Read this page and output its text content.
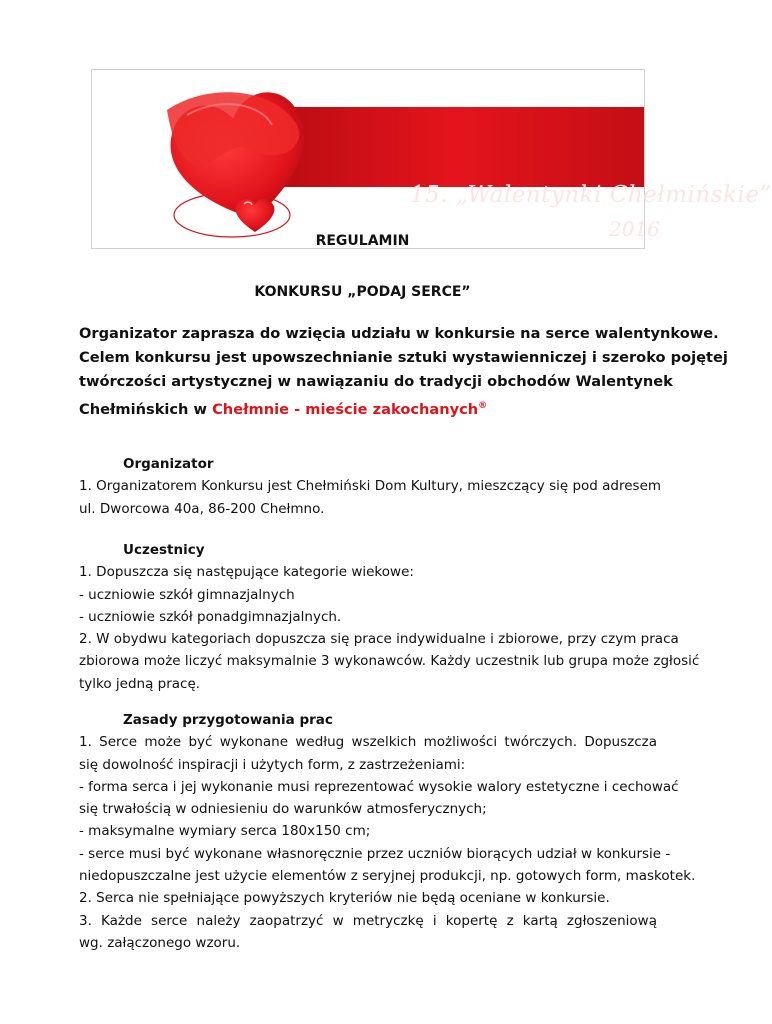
15. „Walentynki Chełmińskie”
2016
REGULAMIN
KONKURSU „PODAJ SERCE”
Organizator zaprasza do wzięcia udziału w konkursie na serce walentynkowe.
Celem konkursu jest upowszechnianie sztuki wystawienniczej i szeroko pojętej
twórczości artystycznej w nawiązaniu do tradycji obchodów Walentynek
Chełmińskich w Chełmnie - mieście zakochanych®
Organizator
1. Organizatorem Konkursu jest Chełmiński Dom Kultury, mieszczący się pod adresem
ul. Dworcowa 40a, 86-200 Chełmno.
Uczestnicy
1. Dopuszcza się następujące kategorie wiekowe:
- uczniowie szkół gimnazjalnych
- uczniowie szkół ponadgimnazjalnych.
2. W obydwu kategoriach dopuszcza się prace indywidualne i zbiorowe, przy czym praca
zbiorowa może liczyć maksymalnie 3 wykonawców. Każdy uczestnik lub grupa może zgłosić
tylko jedną pracę.
Zasady przygotowania prac
1. Serce może być wykonane według wszelkich możliwości twórczych. Dopuszcza
się dowolność inspiracji i użytych form, z zastrzeżeniami:
- forma serca i jej wykonanie musi reprezentować wysokie walory estetyczne i cechować
się trwałością w odniesieniu do warunków atmosferycznych;
- maksymalne wymiary serca 180x150 cm;
- serce musi być wykonane własnoręcznie przez uczniów biorących udział w konkursie -
niedopuszczalne jest użycie elementów z seryjnej produkcji, np. gotowych form, maskotek.
2. Serca nie spełniające powyższych kryteriów nie będą oceniane w konkursie.
3. Każde serce należy zaopatrzyć w metryczkę i kopertę z kartą zgłoszeniową
wg. załączonego wzoru.
